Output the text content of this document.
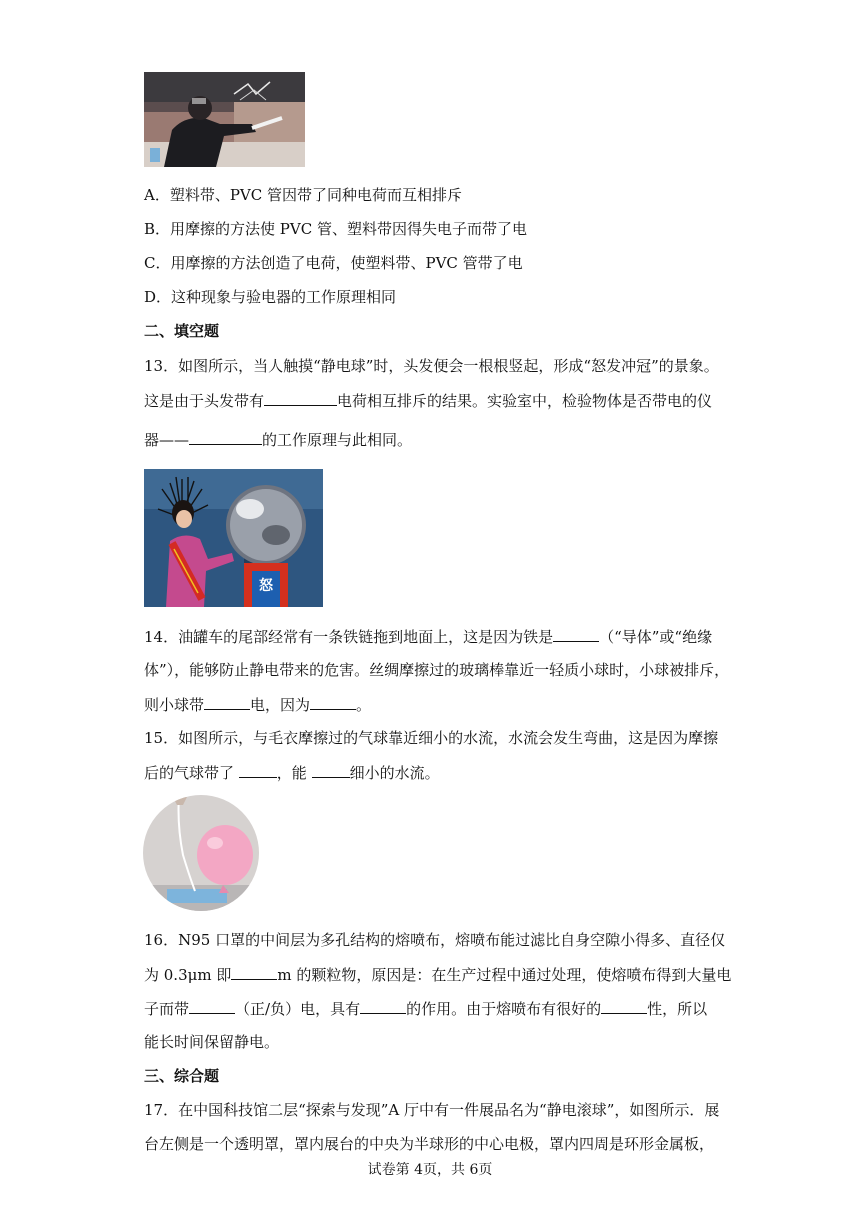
A．塑料带、PVC 管因带了同种电荷而互相排斥
B．用摩擦的方法使 PVC 管、塑料带因得失电子而带了电
C．用摩擦的方法创造了电荷，使塑料带、PVC 管带了电
D．这种现象与验电器的工作原理相同
二、填空题
13．如图所示，当人触摸“静电球”时，头发便会一根根竖起，形成“怒发冲冠”的景象。
这是由于头发带有	电荷相互排斥的结果。实验室中，检验物体是否带电的仪
器——	的工作原理与此相同。
怒
14．油罐车的尾部经常有一条铁链拖到地面上，这是因为铁是	（“导体”或“绝缘
体”），能够防止静电带来的危害。丝绸摩擦过的玻璃棒靠近一轻质小球时，小球被排斥，
则小球带	电，因为	。
15．如图所示，与毛衣摩擦过的气球靠近细小的水流，水流会发生弯曲，这是因为摩擦
后的气球带了	，能	细小的水流。
16．N95 口罩的中间层为多孔结构的熔喷布，熔喷布能过滤比自身空隙小得多、直径仅
为 0.3μm 即	m 的颗粒物，原因是：在生产过程中通过处理，使熔喷布得到大量电
子而带	（正/负）电，具有	的作用。由于熔喷布有很好的	性，所以
能长时间保留静电。
三、综合题
17．在中国科技馆二层“探索与发现”A 厅中有一件展品名为“静电滚球”，如图所示．展
台左侧是一个透明罩，罩内展台的中央为半球形的中心电极，罩内四周是环形金属板，
试卷第 4页，共 6页
